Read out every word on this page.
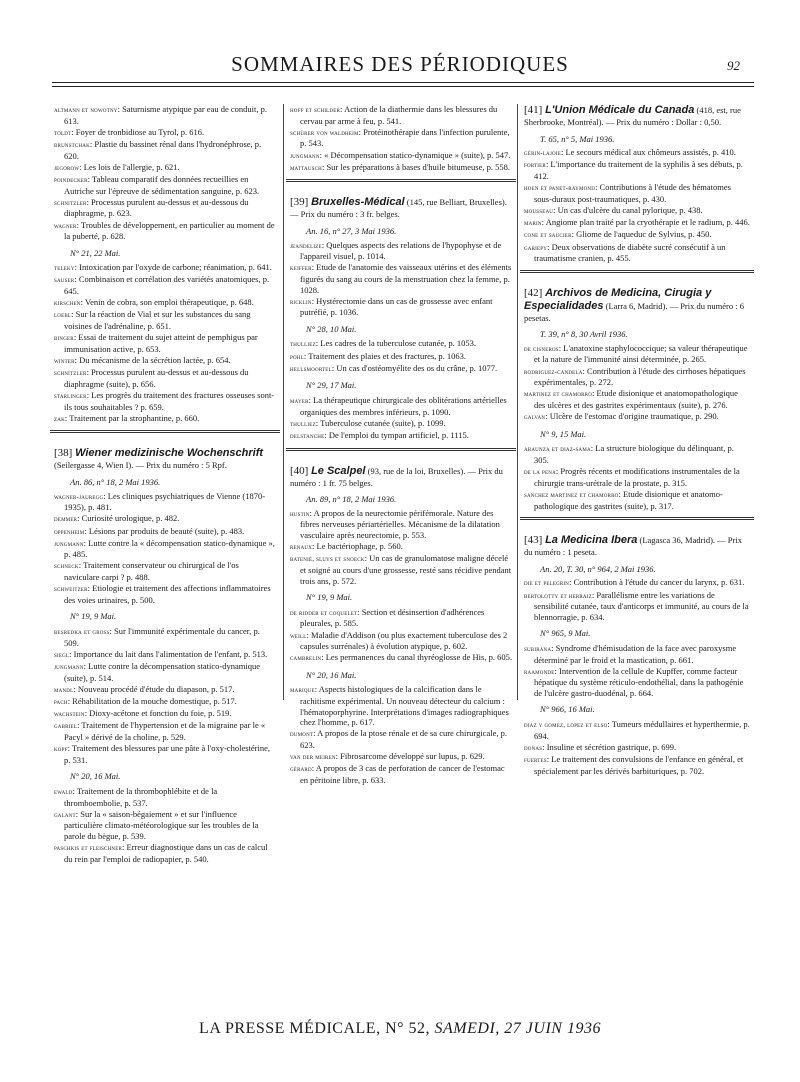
SOMMAIRES DES PÉRIODIQUES	92
altmann et nowotny: Saturnisme atypique par eau de conduit, p. 613.
toldt: Foyer de tronbidiose au Tyrol, p. 616.
brunstchak: Plastie du bassinet rénal dans l'hydronéphrose, p. 620.
jegorow: Les lois de l'allergie, p. 621.
poindecker: Tableau comparatif des données recueillies en Autriche sur l'épreuve de sédimentation sanguine, p. 623.
schnitzler: Processus purulent au-dessus et au-dessous du diaphragme, p. 623.
wagner: Troubles de développement, en particulier au moment de la puberté, p. 628.
N° 21, 22 Mai.
teleky: Intoxication par l'oxyde de carbone; réanimation, p. 641.
sauser: Combinaison et corrélation des variétés anatomiques, p. 645.
kirschen: Venin de cobra, son emploi thérapeutique, p. 648.
loebl: Sur la réaction de Vial et sur les substances du sang voisines de l'adrénaline, p. 651.
binger: Essai de traitement du sujet atteint de pemphigus par immunisation active, p. 653.
winter: Du mécanisme de la sécrétion lactée, p. 654.
schnitzler: Processus purulent au-dessus et au-dessous du diaphragme (suite), p. 656.
starlinger: Les progrès du traitement des fractures osseuses sont-ils tous souhaitables ? p. 659.
zak: Traitement par la strophantine, p. 660.
[38] Wiener medizinische Wochenschrift (Seilergasse 4, Wien I). — Prix du numéro : 5 Rpf.
An. 86, n° 18, 2 Mai 1936.
wagner-jauregg: Les cliniques psychiatriques de Vienne (1870-1935), p. 481.
demmer: Curiosité urologique, p. 482.
oppenheim: Lésions par produits de beauté (suite), p. 483.
jungmann: Lutte contre la « décompensation statico-dynamique », p. 485.
schneck: Traitement conservateur ou chirurgical de l'os naviculare carpi ? p. 488.
schweitzer: Etiologie et traitement des affections inflammatoires des voies urinaires, p. 500.
N° 19, 9 Mai.
besredka et gross: Sur l'immunité expérimentale du cancer, p. 509.
siegl: Importance du lait dans l'alimentation de l'enfant, p. 513.
jungmann: Lutte contre la décompensation statico-dynamique (suite), p. 514.
mandl: Nouveau procédé d'étude du diapason, p. 517.
pach: Réhabilitation de la mouche domestique, p. 517.
wachstein: Dioxy-acétone et fonction du foie, p. 519.
gabriel: Traitement de l'hypertension et de la migraine par le « Pacyl » dérivé de la choline, p. 529.
kopf: Traitement des blessures par une pâte à l'oxy-cholestérine, p. 531.
N° 20, 16 Mai.
ewald: Traitement de la thrombophlébite et de la thromboembolie, p. 537.
galant: Sur la « saison-bégaiement » et sur l'influence particulière climato-météorologique sur les troubles de la parole du bègue, p. 539.
paschkis et fleischner: Erreur diagnostique dans un cas de calcul du rein par l'emploi de radiopapier, p. 540.
hoff et schilder: Action de la diathermie dans les blessures du cervau par arme à feu, p. 541.
schürer von waldheim: Protéinothérapie dans l'infection purulente, p. 543.
jungmann: « Décompensation statico-dynamique » (suite), p. 547.
mattausch: Sur les préparations à bases d'huile bitumeuse, p. 558.
[39] Bruxelles-Médical (145, rue Belliart, Bruxelles). — Prix du numéro : 3 fr. belges.
An. 16, n° 27, 3 Mai 1936.
jeandelize: Quelques aspects des relations de l'hypophyse et de l'appareil visuel, p. 1014.
keiffer: Etude de l'anatomie des vaisseaux utérins et des éléments figurés du sang au cours de la menstruation chez la femme, p. 1028.
ricklin: Hystérectomie dans un cas de grossesse avec enfant putréfié, p. 1036.
N° 28, 10 Mai.
thulliez: Les cadres de la tuberculose cutanée, p. 1053.
pohl: Traitement des plaies et des fractures, p. 1063.
hellsmoortel: Un cas d'ostéomyélite des os du crâne, p. 1077.
N° 29, 17 Mai.
mayer: La thérapeutique chirurgicale des oblitérations artérielles organiques des membres inférieurs, p. 1090.
thulliez: Tuberculose cutanée (suite), p. 1099.
delstanche: De l'emploi du tympan artificiel, p. 1115.
[40] Le Scalpel (93, rue de la loi, Bruxelles). — Prix du numéro : 1 fr. 75 belges.
An. 89, n° 18, 2 Mai 1936.
hustin: A propos de la neurectomie périfémorale. Nature des fibres nerveuses périartérielles. Mécanisme de la dilatation vasculaire après neurectomie, p. 553.
renaux: Le bactériophage, p. 560.
batenié, sluys et snoeck: Un cas de granulomatose maligne décelé et soigné au cours d'une grossesse, resté sans récidive pendant trois ans, p. 572.
N° 19, 9 Mai.
de ridder et coquelet: Section et désinsertion d'adhérences pleurales, p. 585.
weill: Maladie d'Addison (ou plus exactement tuberculose des 2 capsules surrénales) à évolution atypique, p. 602.
cambrelin: Les permanences du canal thyréoglosse de His, p. 605.
N° 20, 16 Mai.
marique: Aspects histologiques de la calcification dans le rachitisme expérimental. Un nouveau détecteur du calcium : l'hématoporphyrine. Interprétations d'images radiographiques chez l'homme, p. 617.
dumont: A propos de la ptose rénale et de sa cure chirurgicale, p. 623.
van der meiren: Fibrosarcome développé sur lupus, p. 629.
gérard: A propos de 3 cas de perforation de cancer de l'estomac en péritoine libre, p. 633.
[41] L'Union Médicale du Canada (418, est, rue Sherbrooke, Montréal). — Prix du numéro : Dollar : 0,50.
T. 65, n° 5, Mai 1936.
gérin-lajoie: Le secours médical aux chômeurs assistés, p. 410.
fortier: L'importance du traitement de la syphilis à ses débuts, p. 412.
hoen et panet-raymond: Contributions à l'étude des hématomes sous-duraux post-traumatiques, p. 430.
mousseau: Un cas d'ulcère du canal pylorique, p. 438.
marin: Angiome plan traité par la cryothérapie et le radium, p. 446.
cone et saucier: Gliome de l'aqueduc de Sylvius, p. 450.
gariepy: Deux observations de diabète sucré consécutif à un traumatisme cranien, p. 455.
[42] Archivos de Medicina, Cirugia y Especialidades (Larra 6, Madrid). — Prix du numéro : 6 pesetas.
T. 39, n° 8, 30 Avril 1936.
de cisneros: L'anatoxine staphylococcique; sa valeur thérapeutique et la nature de l'immunité ainsi déterminée, p. 265.
rodriguez-candela: Contribution à l'étude des cirrhoses hépatiques expérimentales, p. 272.
martinez et chamorro: Etude disionique et anatomopathologique des ulcères et des gastrites expérimentaux (suite), p. 276.
galvan: Ulcère de l'estomac d'origine traumatique, p. 290.
N° 9, 15 Mai.
abaunza et diaz-sama: La structure biologique du délinquant, p. 305.
de la pena: Progrès récents et modifications instrumentales de la chirurgie trans-urétrale de la prostate, p. 315.
sanchez martinez et chamorro: Etude disionique et anatomo-pathologique des gastrites (suite), p. 317.
[43] La Medicina Ibera (Lagasca 36, Madrid). — Prix du numéro : 1 peseta.
An. 20, T. 30, n° 964, 2 Mai 1936.
die et pelegrin: Contribution à l'étude du cancer du larynx, p. 631.
bertolotty et herraiz: Parallélisme entre les variations de sensibilité cutanée, taux d'anticorps et immunité, au cours de la blennorragie, p. 634.
N° 965, 9 Mai.
subirana: Syndrome d'hémisudation de la face avec paroxysme déterminé par le froid et la mastication, p. 661.
raamonde: Intervention de la cellule de Kupffer, comme facteur hépatique du système réticulo-endothélial, dans la pathogénie de l'ulcère gastro-duodénal, p. 664.
N° 966, 16 Mai.
diaz y gomez, lopez et elso: Tumeurs médullaires et hyperthermie, p. 694.
donas: Insuline et sécrétion gastrique, p. 699.
fuertes: Le traitement des convulsions de l'enfance en général, et spécialement par les dérivés barbituriques, p. 702.
LA PRESSE MÉDICALE, N° 52, SAMEDI, 27 JUIN 1936
